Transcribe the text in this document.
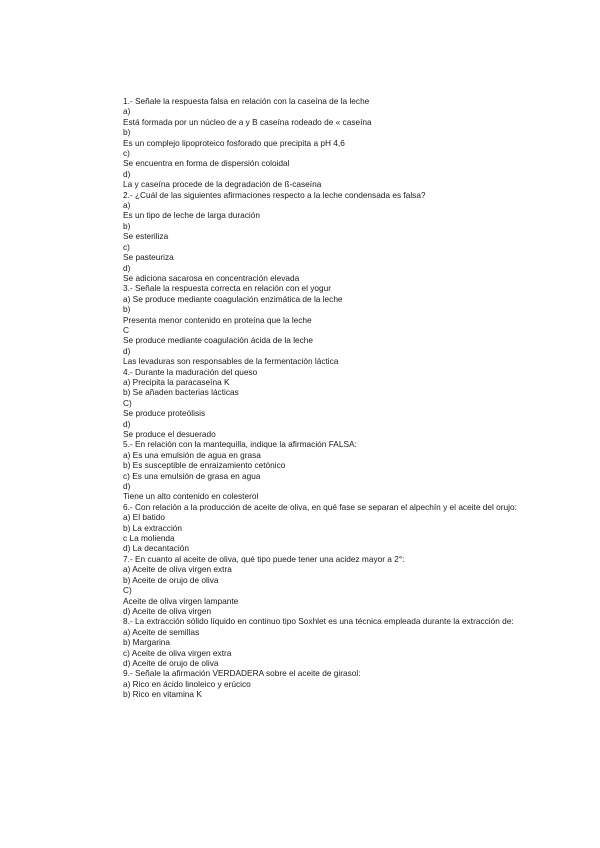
1.- Señale la respuesta falsa en relación con la caseína de la leche
a)
Está formada por un núcleo de a y B caseína rodeado de « caseína
b)
Es un complejo lipoproteico fosforado que precipita a pH 4,6
c)
Se encuentra en forma de dispersión coloidal
d)
La y caseína procede de la degradación de ß-caseína
2.- ¿Cuál de las siguientes afirmaciones respecto a la leche condensada es falsa?
a)
Es un tipo de leche de larga duración
b)
Se esteriliza
c)
Se pasteuriza
d)
Se adiciona sacarosa en concentración elevada
3.- Señale la respuesta correcta en relación con el yogur
a) Se produce mediante coagulación enzimática de la leche
b)
Presenta menor contenido en proteína que la leche
C
Se produce mediante coagulación ácida de la leche
d)
Las levaduras son responsables de la fermentación láctica
4.- Durante la maduración del queso
a) Precipita la paracaseína K
b) Se añaden bacterias lácticas
C)
Se produce proteólisis
d)
Se produce el desuerado
5.- En relación con la mantequilla, indique la afirmación FALSA:
a) Es una emulsión de agua en grasa
b) Es susceptible de enraizamiento cetónico
c) Es una emulsión de grasa en agua
d)
Tiene un alto contenido en colesterol
6.- Con relación a la producción de aceite de oliva, en qué fase se separan el alpechín y el aceite del orujo:
a) El batido
b) La extracción
c La molienda
d) La decantación
7.- En cuanto al aceite de oliva, qué tipo puede tener una acidez mayor a 2°:
a) Aceite de oliva virgen extra
b) Aceite de orujo de oliva
C)
Aceite de oliva virgen lampante
d) Aceite de oliva virgen
8.- La extracción sólido líquido en continuo tipo Soxhlet es una técnica empleada durante la extracción de:
a) Aceite de semillas
b) Margarina
c) Aceite de oliva virgen extra
d) Aceite de orujo de oliva
9.- Señale la afirmación VERDADERA sobre el aceite de girasol:
a) Rico en ácido linoleico y erúcico
b) Rico en vitamina K
